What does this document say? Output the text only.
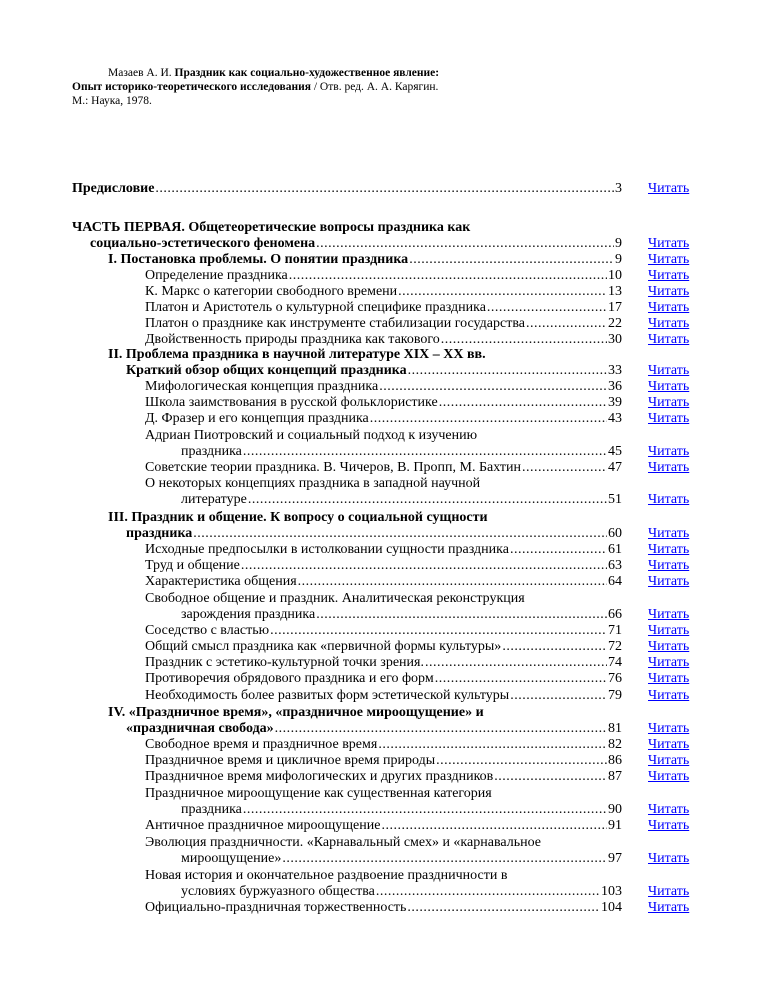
Мазаев А. И. Праздник как социально-художественное явление: Опыт историко-теоретического исследования / Отв. ред. А. А. Карягин. М.: Наука, 1978.
Предисловие .....	3 Читать
ЧАСТЬ ПЕРВАЯ. Общетеоретические вопросы праздника как
социально-эстетического феномена .....	9 Читать
I. Постановка проблемы. О понятии праздника .....	9 Читать
Определение праздника .....	10 Читать
К. Маркс о категории свободного времени .....	13 Читать
Платон и Аристотель о культурной специфике праздника .....	17 Читать
Платон о празднике как инструменте стабилизации государства .....	22 Читать
Двойственность природы праздника как такового .....	30 Читать
II. Проблема праздника в научной литературе XIX – XX вв.
Краткий обзор общих концепций праздника .....	33 Читать
Мифологическая концепция праздника .....	36 Читать
Школа заимствования в русской фольклористике .....	39 Читать
Д. Фразер и его концепция праздника .....	43 Читать
Адриан Пиотровский и социальный подход к изучению
праздника .....	45 Читать
Советские теории праздника. В. Чичеров, В. Пропп, М. Бахтин .....	47 Читать
О некоторых концепциях праздника в западной научной
литературе .....	51 Читать
III. Праздник и общение. К вопросу о социальной сущности
праздника .....	60 Читать
Исходные предпосылки в истолковании сущности праздника .....	61 Читать
Труд и общение .....	63 Читать
Характеристика общения .....	64 Читать
Свободное общение и праздник. Аналитическая реконструкция
зарождения праздника .....	66 Читать
Соседство с властью .....	71 Читать
Общий смысл праздника как «первичной формы культуры» .....	72 Читать
Праздник с эстетико-культурной точки зрения. .....	74 Читать
Противоречия обрядового праздника и его форм .....	76 Читать
Необходимость более развитых форм эстетической культуры .....	79 Читать
IV. «Праздничное время», «праздничное мироощущение» и
«праздничная свобода» .....	81 Читать
Свободное время и праздничное время .....	82 Читать
Праздничное время и цикличное время природы .....	86 Читать
Праздничное время мифологических и других праздников .....	87 Читать
Праздничное мироощущение как существенная категория
праздника .....	90 Читать
Античное праздничное мироощущение .....	91 Читать
Эволюция праздничности. «Карнавальный смех» и «карнавальное
мироощущение» .....	97 Читать
Новая история и окончательное раздвоение праздничности в
условиях буржуазного общества .....	103 Читать
Официально-праздничная торжественность .....	104 Читать
